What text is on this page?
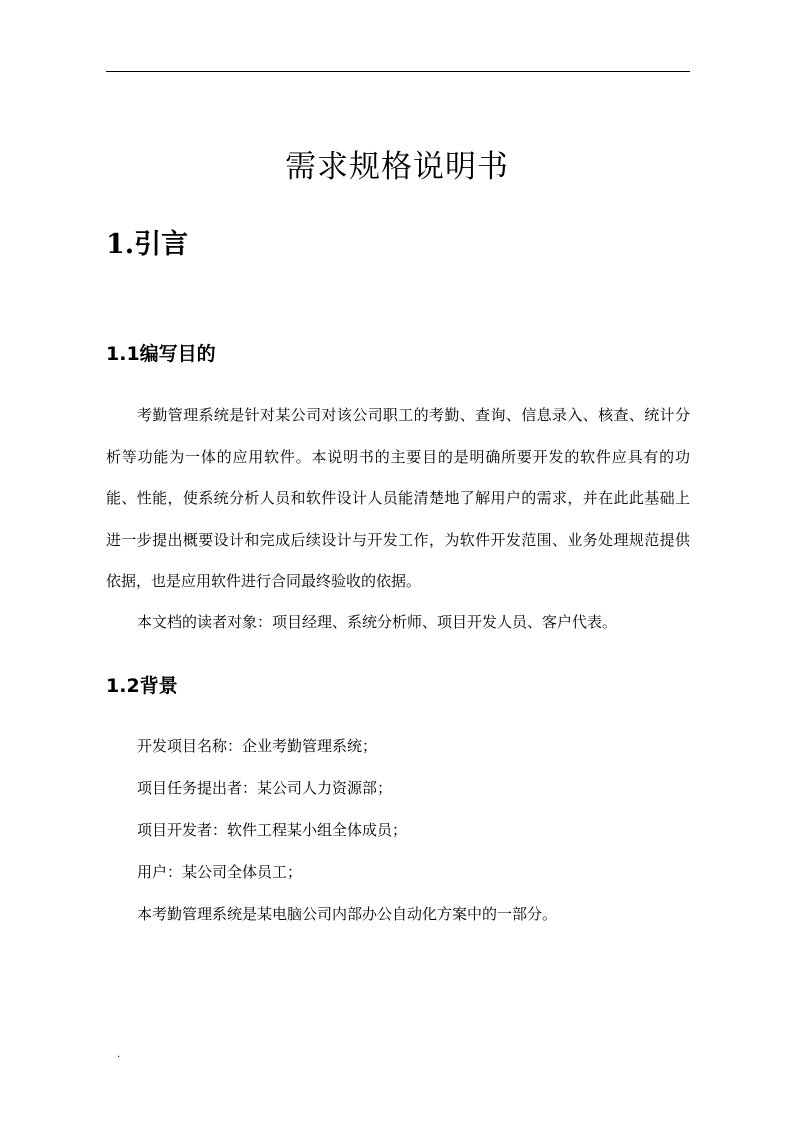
需求规格说明书
1.引言
1.1编写目的

考勤管理系统是针对某公司对该公司职工的考勤、查询、信息录入、核查、统计分析等功能为一体的应用软件。本说明书的主要目的是明确所要开发的软件应具有的功能、性能，使系统分析人员和软件设计人员能清楚地了解用户的需求，并在此此基础上进一步提出概要设计和完成后续设计与开发工作，为软件开发范围、业务处理规范提供依据，也是应用软件进行合同最终验收的依据。

本文档的读者对象：项目经理、系统分析师、项目开发人员、客户代表。

1.2背景

开发项目名称：企业考勤管理系统；

项目任务提出者：某公司人力资源部；

项目开发者：软件工程某小组全体成员；

用户：某公司全体员工；

本考勤管理系统是某电脑公司内部办公自动化方案中的一部分。

.
